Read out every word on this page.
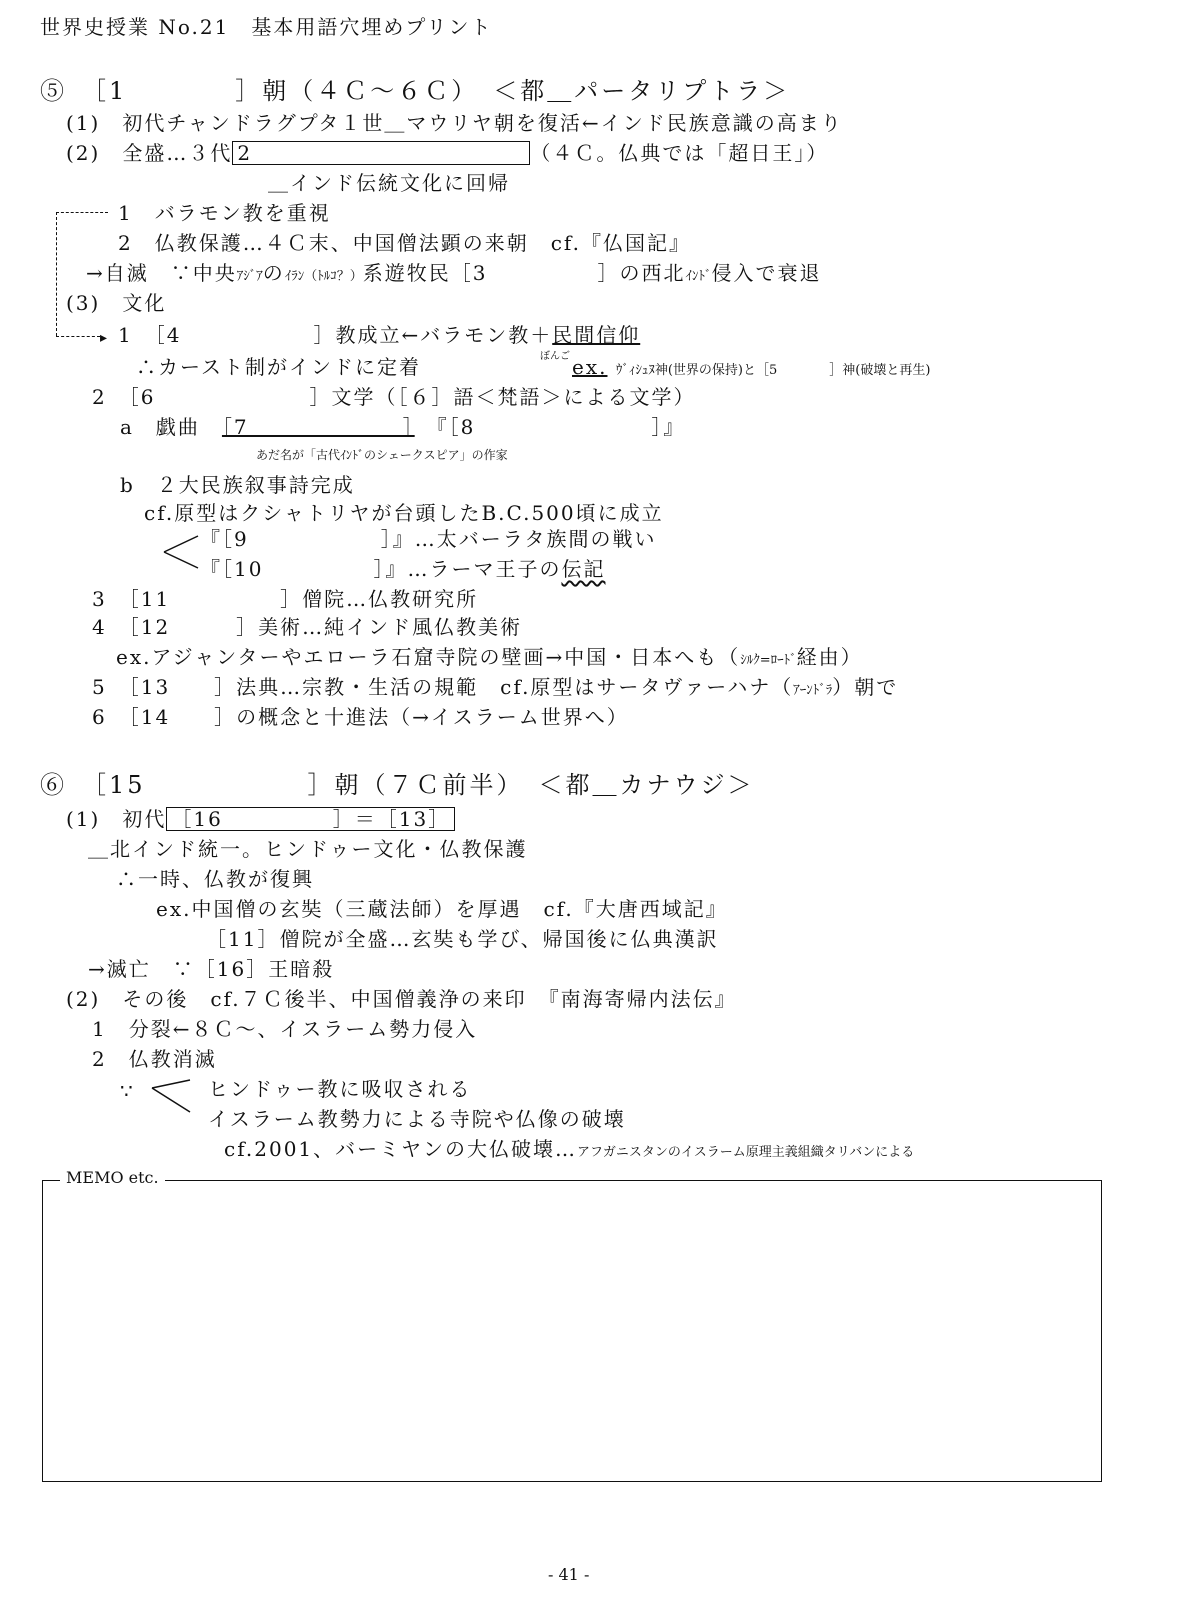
世界史授業 No.21　基本用語穴埋めプリント
⑤　［1　　　　］朝（４Ｃ～６Ｃ）　＜都＿パータリプトラ＞
(1)　初代チャンドラグプタ１世＿マウリヤ朝を復活←インド民族意識の高まり
(2)　全盛…３代 2	（４Ｃ。仏典では「超日王」）
＿インド伝統文化に回帰
▸
1　バラモン教を重視
2　仏教保護…４Ｃ末、中国僧法顕の来朝　cf.『仏国記』
→自滅　∵中央ｱｼﾞｱのｲﾗﾝ（ﾄﾙｺ？）系遊牧民［3　　　　　］の西北ｲﾝﾄﾞ侵入で衰退
(3)　文化
1　［4　　　　　　］教成立←バラモン教＋民間信仰
∴カースト制がインドに定着	ぼんご ex. ｳﾞｨｼｭﾇ神(世界の保持)と［5　　　　］神(破壊と再生)
2　［6　　　　　　　］文学（［６］語＜梵語＞による文学）
a　戯曲　 ［7　　　　　　　］　 『［8　　　　　　　　］』
あだ名が「古代ｲﾝﾄﾞのシェークスピア」の作家
b　２大民族叙事詩完成
cf.原型はクシャトリヤが台頭したB.C.500頃に成立
『［9　　　　　　］』…太バーラタ族間の戦い
『［10　　　　　］』…ラーマ王子の伝記
3　［11　　　　　］僧院…仏教研究所
4　［12　　　］美術…純インド風仏教美術
ex.アジャンターやエローラ石窟寺院の壁画→中国・日本へも（ｼﾙｸ=ﾛｰﾄﾞ経由）
5　［13　　］法典…宗教・生活の規範　cf.原型はサータヴァーハナ（ｱｰﾝﾄﾞﾗ）朝で
6　［14　　］の概念と十進法（→イスラーム世界へ）
⑥　［15　　　　　　］朝（７Ｃ前半）　＜都＿カナウジ＞
(1)　初代 ［16　　　　　］＝［13］
＿北インド統一。ヒンドゥー文化・仏教保護
∴一時、仏教が復興
ex.中国僧の玄奘（三蔵法師）を厚遇　cf.『大唐西域記』
［11］僧院が全盛…玄奘も学び、帰国後に仏典漢訳
→滅亡　∵［16］王暗殺
(2)　その後　cf.７Ｃ後半、中国僧義浄の来印　『南海寄帰内法伝』
1　分裂←８Ｃ～、イスラーム勢力侵入
2　仏教消滅
∵	ヒンドゥー教に吸収される
イスラーム教勢力による寺院や仏像の破壊
cf.2001、バーミヤンの大仏破壊…アフガニスタンのイスラーム原理主義組織タリバンによる
MEMO etc.
- 41 -
